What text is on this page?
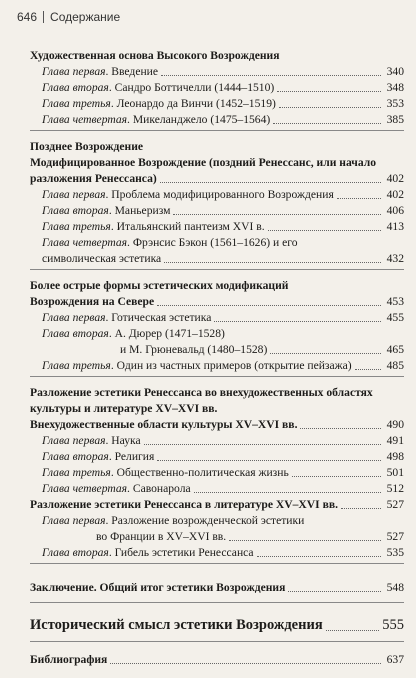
646 Содержание
Художественная основа Высокого Возрождения
Глава первая. Введение	340
Глава вторая. Сандро Боттичелли (1444–1510)	348
Глава третья. Леонардо да Винчи (1452–1519)	353
Глава четвертая. Микеланджело (1475–1564)	385
Позднее Возрождение
Модифицированное Возрождение (поздний Ренессанс, или начало
разложения Ренессанса)	402
Глава первая. Проблема модифицированного Возрождения	402
Глава вторая. Маньеризм	406
Глава третья. Итальянский пантеизм XVI в.	413
Глава четвертая. Фрэнсис Бэкон (1561–1626) и его
символическая эстетика	432
Более острые формы эстетических модификаций
Возрождения на Севере	453
Глава первая. Готическая эстетика	455
Глава вторая. А. Дюрер (1471–1528)
и М. Грюневальд (1480–1528)	465
Глава третья. Один из частных примеров (открытие пейзажа)	485
Разложение эстетики Ренессанса во внехудожественных областях
культуры и литературе XV–XVI вв.
Внехудожественные области культуры XV–XVI вв.	490
Глава первая. Наука	491
Глава вторая. Религия	498
Глава третья. Общественно-политическая жизнь	501
Глава четвертая. Савонарола	512
Разложение эстетики Ренессанса в литературе XV–XVI вв.	527
Глава первая. Разложение возрожденческой эстетики
во Франции в XV–XVI вв.	527
Глава вторая. Гибель эстетики Ренессанса	535
Заключение. Общий итог эстетики Возрождения	548
Исторический смысл эстетики Возрождения	555
Библиография	637
